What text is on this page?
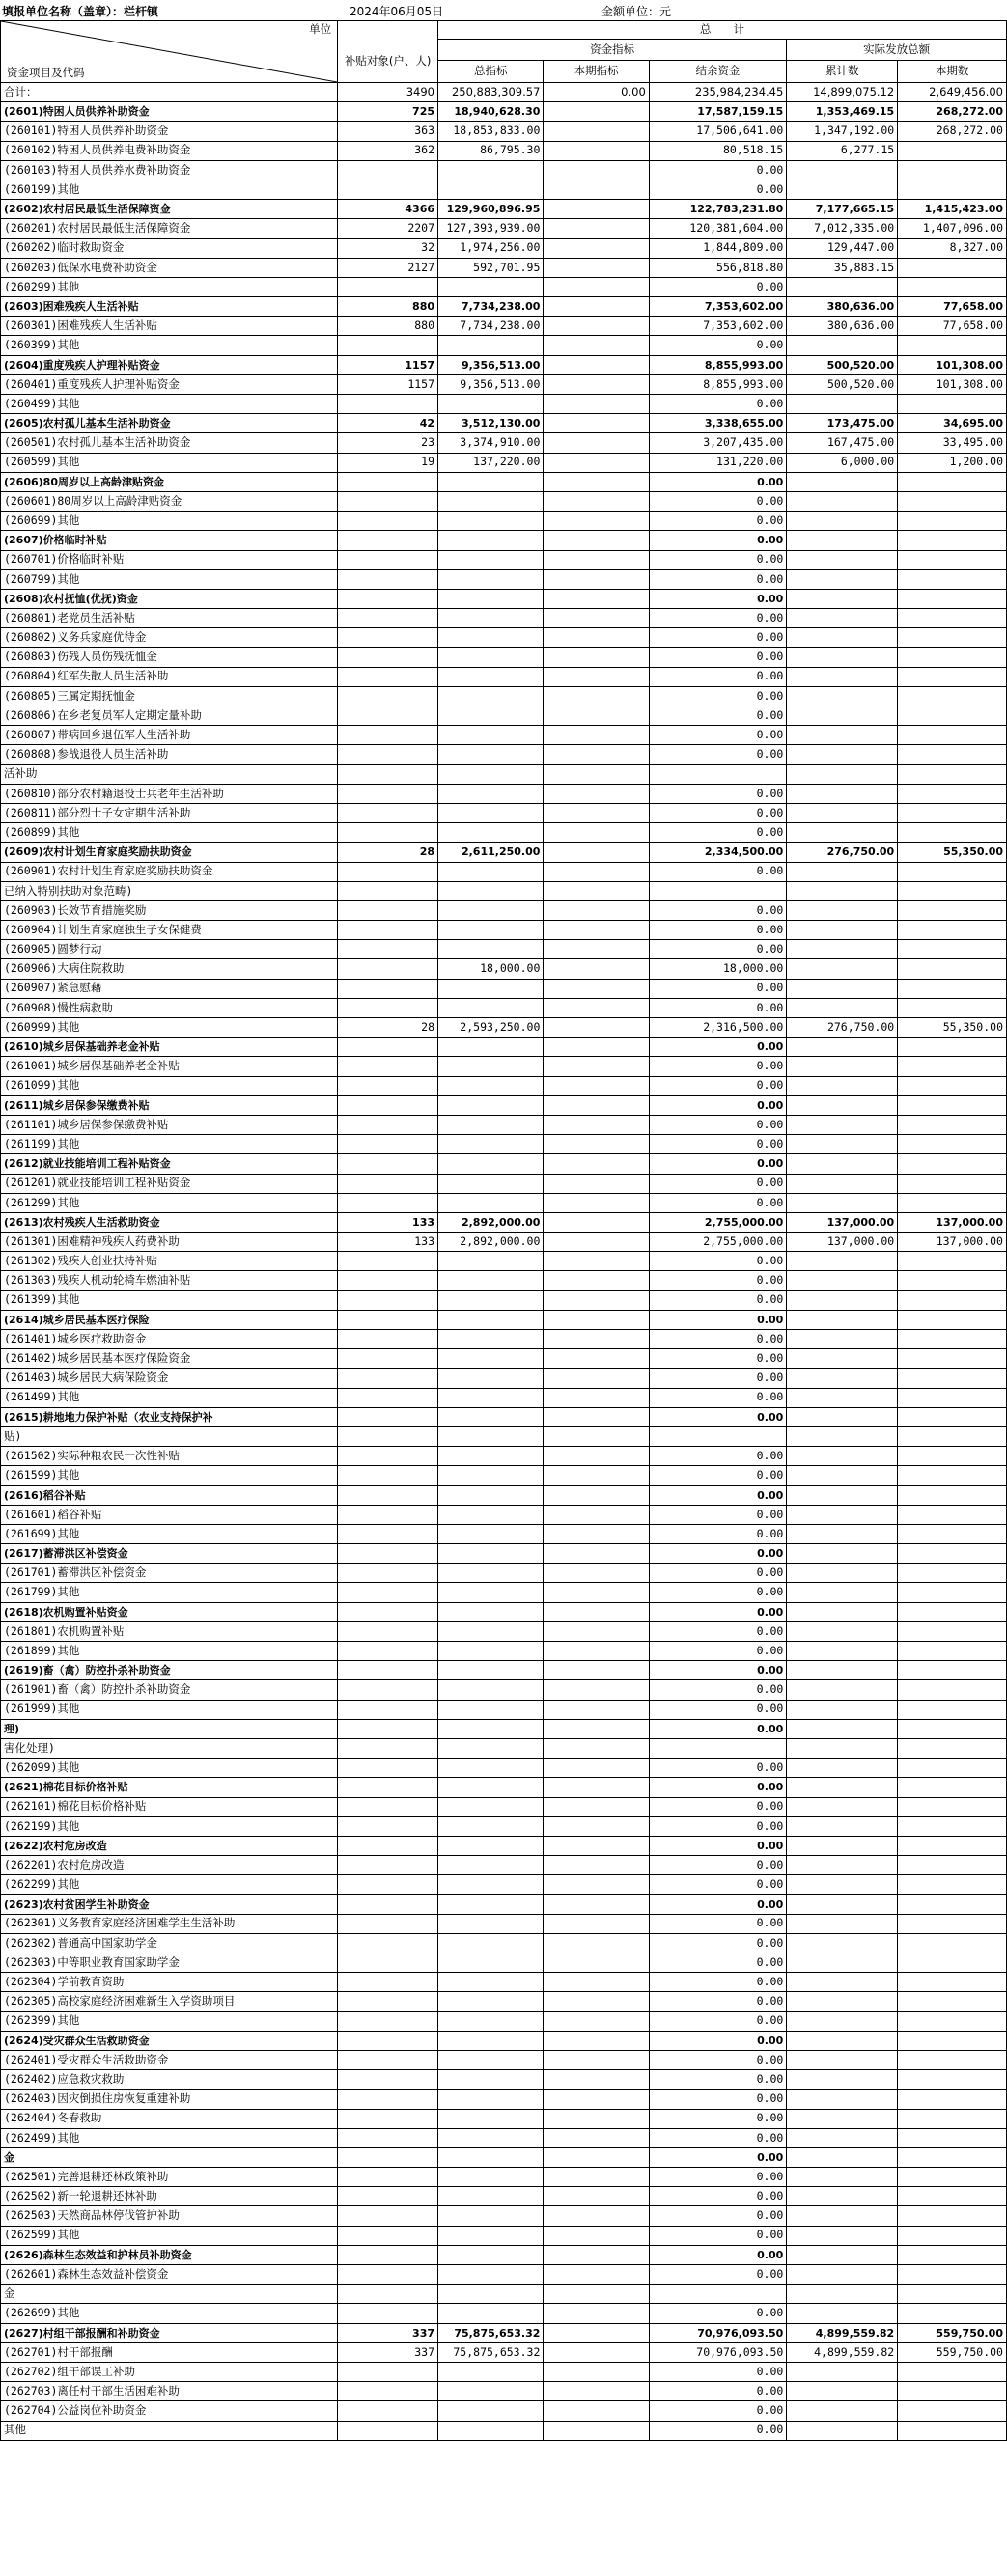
填报单位名称（盖章）：栏杆镇	2024年06月05日	金额单位：元
单位
资金项目及代码		总　　计				
	补贴对象(户、人)	资金指标			实际发放总额	
		总指标	本期指标	结余资金	累计数	本期数
合计：	3490	250,883,309.57	0.00	235,984,234.45	14,899,075.12	2,649,456.00
(2601)特困人员供养补助资金	725	18,940,628.30		17,587,159.15	1,353,469.15	268,272.00
(260101)特困人员供养补助资金	363	18,853,833.00		17,506,641.00	1,347,192.00	268,272.00
(260102)特困人员供养电费补助资金	362	86,795.30		80,518.15	6,277.15	
(260103)特困人员供养水费补助资金				0.00		
(260199)其他				0.00		
(2602)农村居民最低生活保障资金	4366	129,960,896.95		122,783,231.80	7,177,665.15	1,415,423.00
(260201)农村居民最低生活保障资金	2207	127,393,939.00		120,381,604.00	7,012,335.00	1,407,096.00
(260202)临时救助资金	32	1,974,256.00		1,844,809.00	129,447.00	8,327.00
(260203)低保水电费补助资金	2127	592,701.95		556,818.80	35,883.15	
(260299)其他				0.00		
(2603)困难残疾人生活补贴	880	7,734,238.00		7,353,602.00	380,636.00	77,658.00
(260301)困难残疾人生活补贴	880	7,734,238.00		7,353,602.00	380,636.00	77,658.00
(260399)其他				0.00		
(2604)重度残疾人护理补贴资金	1157	9,356,513.00		8,855,993.00	500,520.00	101,308.00
(260401)重度残疾人护理补贴资金	1157	9,356,513.00		8,855,993.00	500,520.00	101,308.00
(260499)其他				0.00		
(2605)农村孤儿基本生活补助资金	42	3,512,130.00		3,338,655.00	173,475.00	34,695.00
(260501)农村孤儿基本生活补助资金	23	3,374,910.00		3,207,435.00	167,475.00	33,495.00
(260599)其他	19	137,220.00		131,220.00	6,000.00	1,200.00
(2606)80周岁以上高龄津贴资金				0.00		
(260601)80周岁以上高龄津贴资金				0.00		
(260699)其他				0.00		
(2607)价格临时补贴				0.00		
(260701)价格临时补贴				0.00		
(260799)其他				0.00		
(2608)农村抚恤(优抚)资金				0.00		
(260801)老党员生活补贴				0.00		
(260802)义务兵家庭优待金				0.00		
(260803)伤残人员伤残抚恤金				0.00		
(260804)红军失散人员生活补助				0.00		
(260805)三属定期抚恤金				0.00		
(260806)在乡老复员军人定期定量补助				0.00		
(260807)带病回乡退伍军人生活补助				0.00		
(260808)参战退役人员生活补助				0.00		
活补助						
(260810)部分农村籍退役士兵老年生活补助				0.00		
(260811)部分烈士子女定期生活补助				0.00		
(260899)其他				0.00		
(2609)农村计划生育家庭奖励扶助资金	28	2,611,250.00		2,334,500.00	276,750.00	55,350.00
(260901)农村计划生育家庭奖励扶助资金				0.00		
已纳入特别扶助对象范畴)						
(260903)长效节育措施奖励				0.00		
(260904)计划生育家庭独生子女保健费				0.00		
(260905)圆梦行动				0.00		
(260906)大病住院救助		18,000.00		18,000.00		
(260907)紧急慰藉				0.00		
(260908)慢性病救助				0.00		
(260999)其他	28	2,593,250.00		2,316,500.00	276,750.00	55,350.00
(2610)城乡居保基础养老金补贴				0.00		
(261001)城乡居保基础养老金补贴				0.00		
(261099)其他				0.00		
(2611)城乡居保参保缴费补贴				0.00		
(261101)城乡居保参保缴费补贴				0.00		
(261199)其他				0.00		
(2612)就业技能培训工程补贴资金				0.00		
(261201)就业技能培训工程补贴资金				0.00		
(261299)其他				0.00		
(2613)农村残疾人生活救助资金	133	2,892,000.00		2,755,000.00	137,000.00	137,000.00
(261301)困难精神残疾人药费补助	133	2,892,000.00		2,755,000.00	137,000.00	137,000.00
(261302)残疾人创业扶持补贴				0.00		
(261303)残疾人机动轮椅车燃油补贴				0.00		
(261399)其他				0.00		
(2614)城乡居民基本医疗保险				0.00		
(261401)城乡医疗救助资金				0.00		
(261402)城乡居民基本医疗保险资金				0.00		
(261403)城乡居民大病保险资金				0.00		
(261499)其他				0.00		
(2615)耕地地力保护补贴（农业支持保护补				0.00		
贴)						
(261502)实际种粮农民一次性补贴				0.00		
(261599)其他				0.00		
(2616)稻谷补贴				0.00		
(261601)稻谷补贴				0.00		
(261699)其他				0.00		
(2617)蓄滞洪区补偿资金				0.00		
(261701)蓄滞洪区补偿资金				0.00		
(261799)其他				0.00		
(2618)农机购置补贴资金				0.00		
(261801)农机购置补贴				0.00		
(261899)其他				0.00		
(2619)畜（禽）防控扑杀补助资金				0.00		
(261901)畜（禽）防控扑杀补助资金				0.00		
(261999)其他				0.00		
理)				0.00		
害化处理)						
(262099)其他				0.00		
(2621)棉花目标价格补贴				0.00		
(262101)棉花目标价格补贴				0.00		
(262199)其他				0.00		
(2622)农村危房改造				0.00		
(262201)农村危房改造				0.00		
(262299)其他				0.00		
(2623)农村贫困学生补助资金				0.00		
(262301)义务教育家庭经济困难学生生活补助				0.00		
(262302)普通高中国家助学金				0.00		
(262303)中等职业教育国家助学金				0.00		
(262304)学前教育资助				0.00		
(262305)高校家庭经济困难新生入学资助项目				0.00		
(262399)其他				0.00		
(2624)受灾群众生活救助资金				0.00		
(262401)受灾群众生活救助资金				0.00		
(262402)应急救灾救助				0.00		
(262403)因灾倒损住房恢复重建补助				0.00		
(262404)冬春救助				0.00		
(262499)其他				0.00		
金				0.00		
(262501)完善退耕还林政策补助				0.00		
(262502)新一轮退耕还林补助				0.00		
(262503)天然商品林停伐管护补助				0.00		
(262599)其他				0.00		
(2626)森林生态效益和护林员补助资金				0.00		
(262601)森林生态效益补偿资金				0.00		
金						
(262699)其他				0.00		
(2627)村组干部报酬和补助资金	337	75,875,653.32		70,976,093.50	4,899,559.82	559,750.00
(262701)村干部报酬	337	75,875,653.32		70,976,093.50	4,899,559.82	559,750.00
(262702)组干部误工补助				0.00		
(262703)离任村干部生活困难补助				0.00		
(262704)公益岗位补助资金				0.00		
其他				0.00		
